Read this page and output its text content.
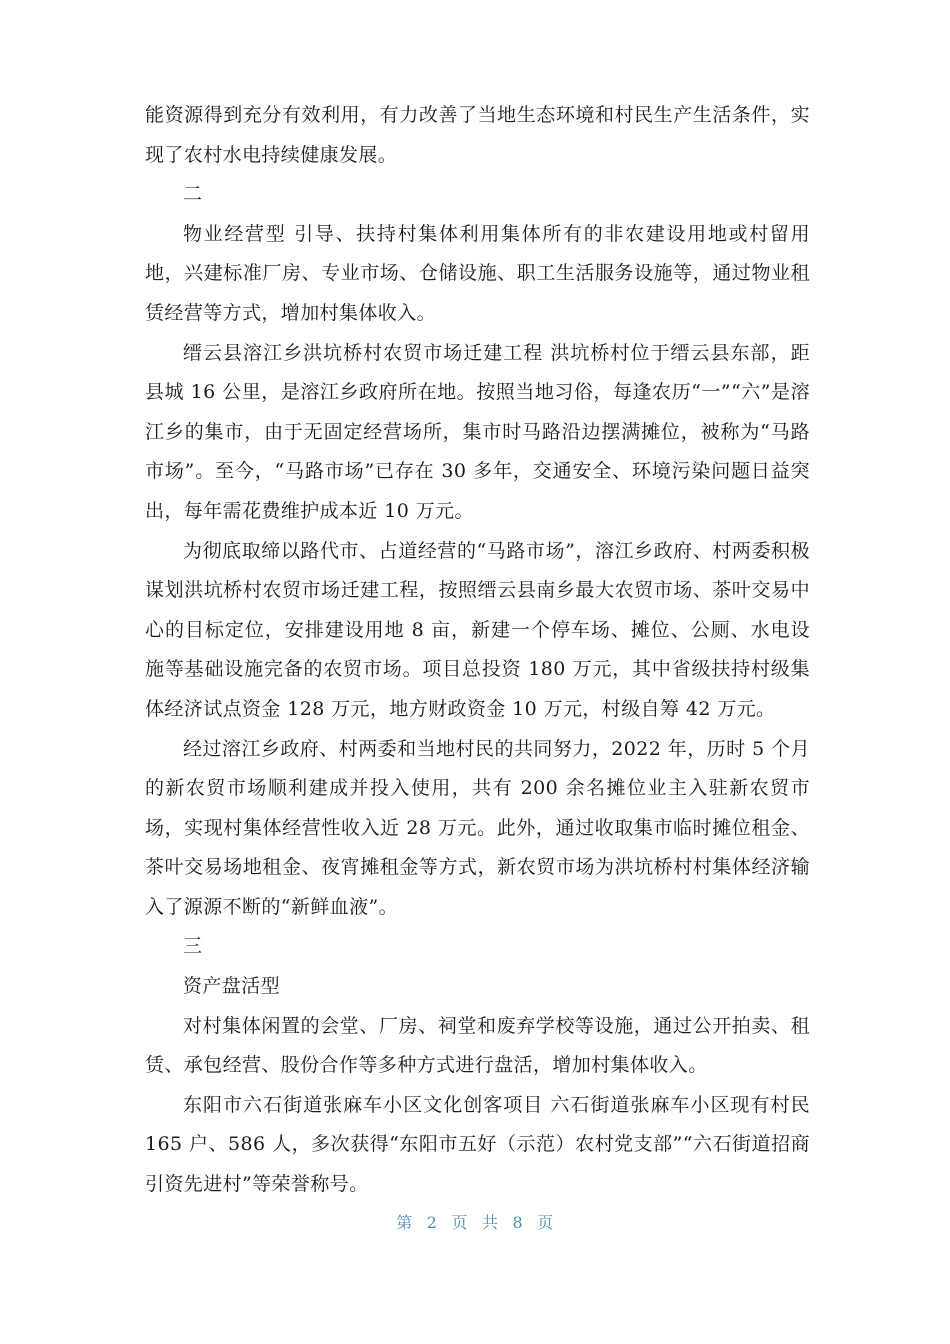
能资源得到充分有效利用，有力改善了当地生态环境和村民生产生活条件，实现了农村水电持续健康发展。

二

物业经营型 引导、扶持村集体利用集体所有的非农建设用地或村留用地，兴建标准厂房、专业市场、仓储设施、职工生活服务设施等，通过物业租赁经营等方式，增加村集体收入。

缙云县溶江乡洪坑桥村农贸市场迁建工程 洪坑桥村位于缙云县东部，距县城 16 公里，是溶江乡政府所在地。按照当地习俗，每逢农历“一”“六”是溶江乡的集市，由于无固定经营场所，集市时马路沿边摆满摊位，被称为“马路市场”。至今，“马路市场”已存在 30 多年，交通安全、环境污染问题日益突出，每年需花费维护成本近 10 万元。

为彻底取缔以路代市、占道经营的“马路市场”，溶江乡政府、村两委积极谋划洪坑桥村农贸市场迁建工程，按照缙云县南乡最大农贸市场、茶叶交易中心的目标定位，安排建设用地 8 亩，新建一个停车场、摊位、公厕、水电设施等基础设施完备的农贸市场。项目总投资 180 万元，其中省级扶持村级集体经济试点资金 128 万元，地方财政资金 10 万元，村级自筹 42 万元。

经过溶江乡政府、村两委和当地村民的共同努力，2022 年，历时 5 个月的新农贸市场顺利建成并投入使用，共有 200 余名摊位业主入驻新农贸市场，实现村集体经营性收入近 28 万元。此外，通过收取集市临时摊位租金、茶叶交易场地租金、夜宵摊租金等方式，新农贸市场为洪坑桥村村集体经济输入了源源不断的“新鲜血液”。

三

资产盘活型

对村集体闲置的会堂、厂房、祠堂和废弃学校等设施，通过公开拍卖、租赁、承包经营、股份合作等多种方式进行盘活，增加村集体收入。

东阳市六石街道张麻车小区文化创客项目 六石街道张麻车小区现有村民 165 户、586 人，多次获得“东阳市五好（示范）农村党支部”“六石街道招商引资先进村”等荣誉称号。

第 2 页 共 8 页
